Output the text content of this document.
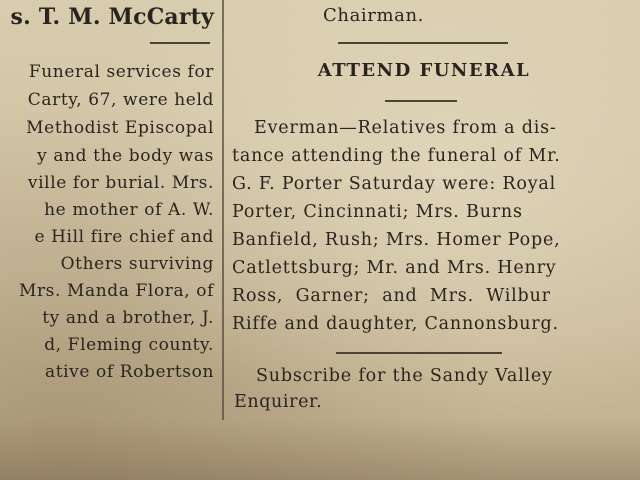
s. T. M. McCarty
Funeral services for
Carty, 67, were held
Methodist Episcopal
y and the body was
ville for burial. Mrs.
he mother of A. W.
e Hill fire chief and
Others surviving
Mrs. Manda Flora, of
ty and a brother, J.
d, Fleming county.
ative of Robertson
Chairman.
ATTEND FUNERAL
Everman—Relatives from a dis-
tance attending the funeral of Mr.
G. F. Porter Saturday were: Royal
Porter, Cincinnati; Mrs. Burns
Banfield, Rush; Mrs. Homer Pope,
Catlettsburg; Mr. and Mrs. Henry
Ross, Garner; and Mrs. Wilbur
Riffe and daughter, Cannonsburg.
Subscribe for the Sandy Valley
Enquirer.
